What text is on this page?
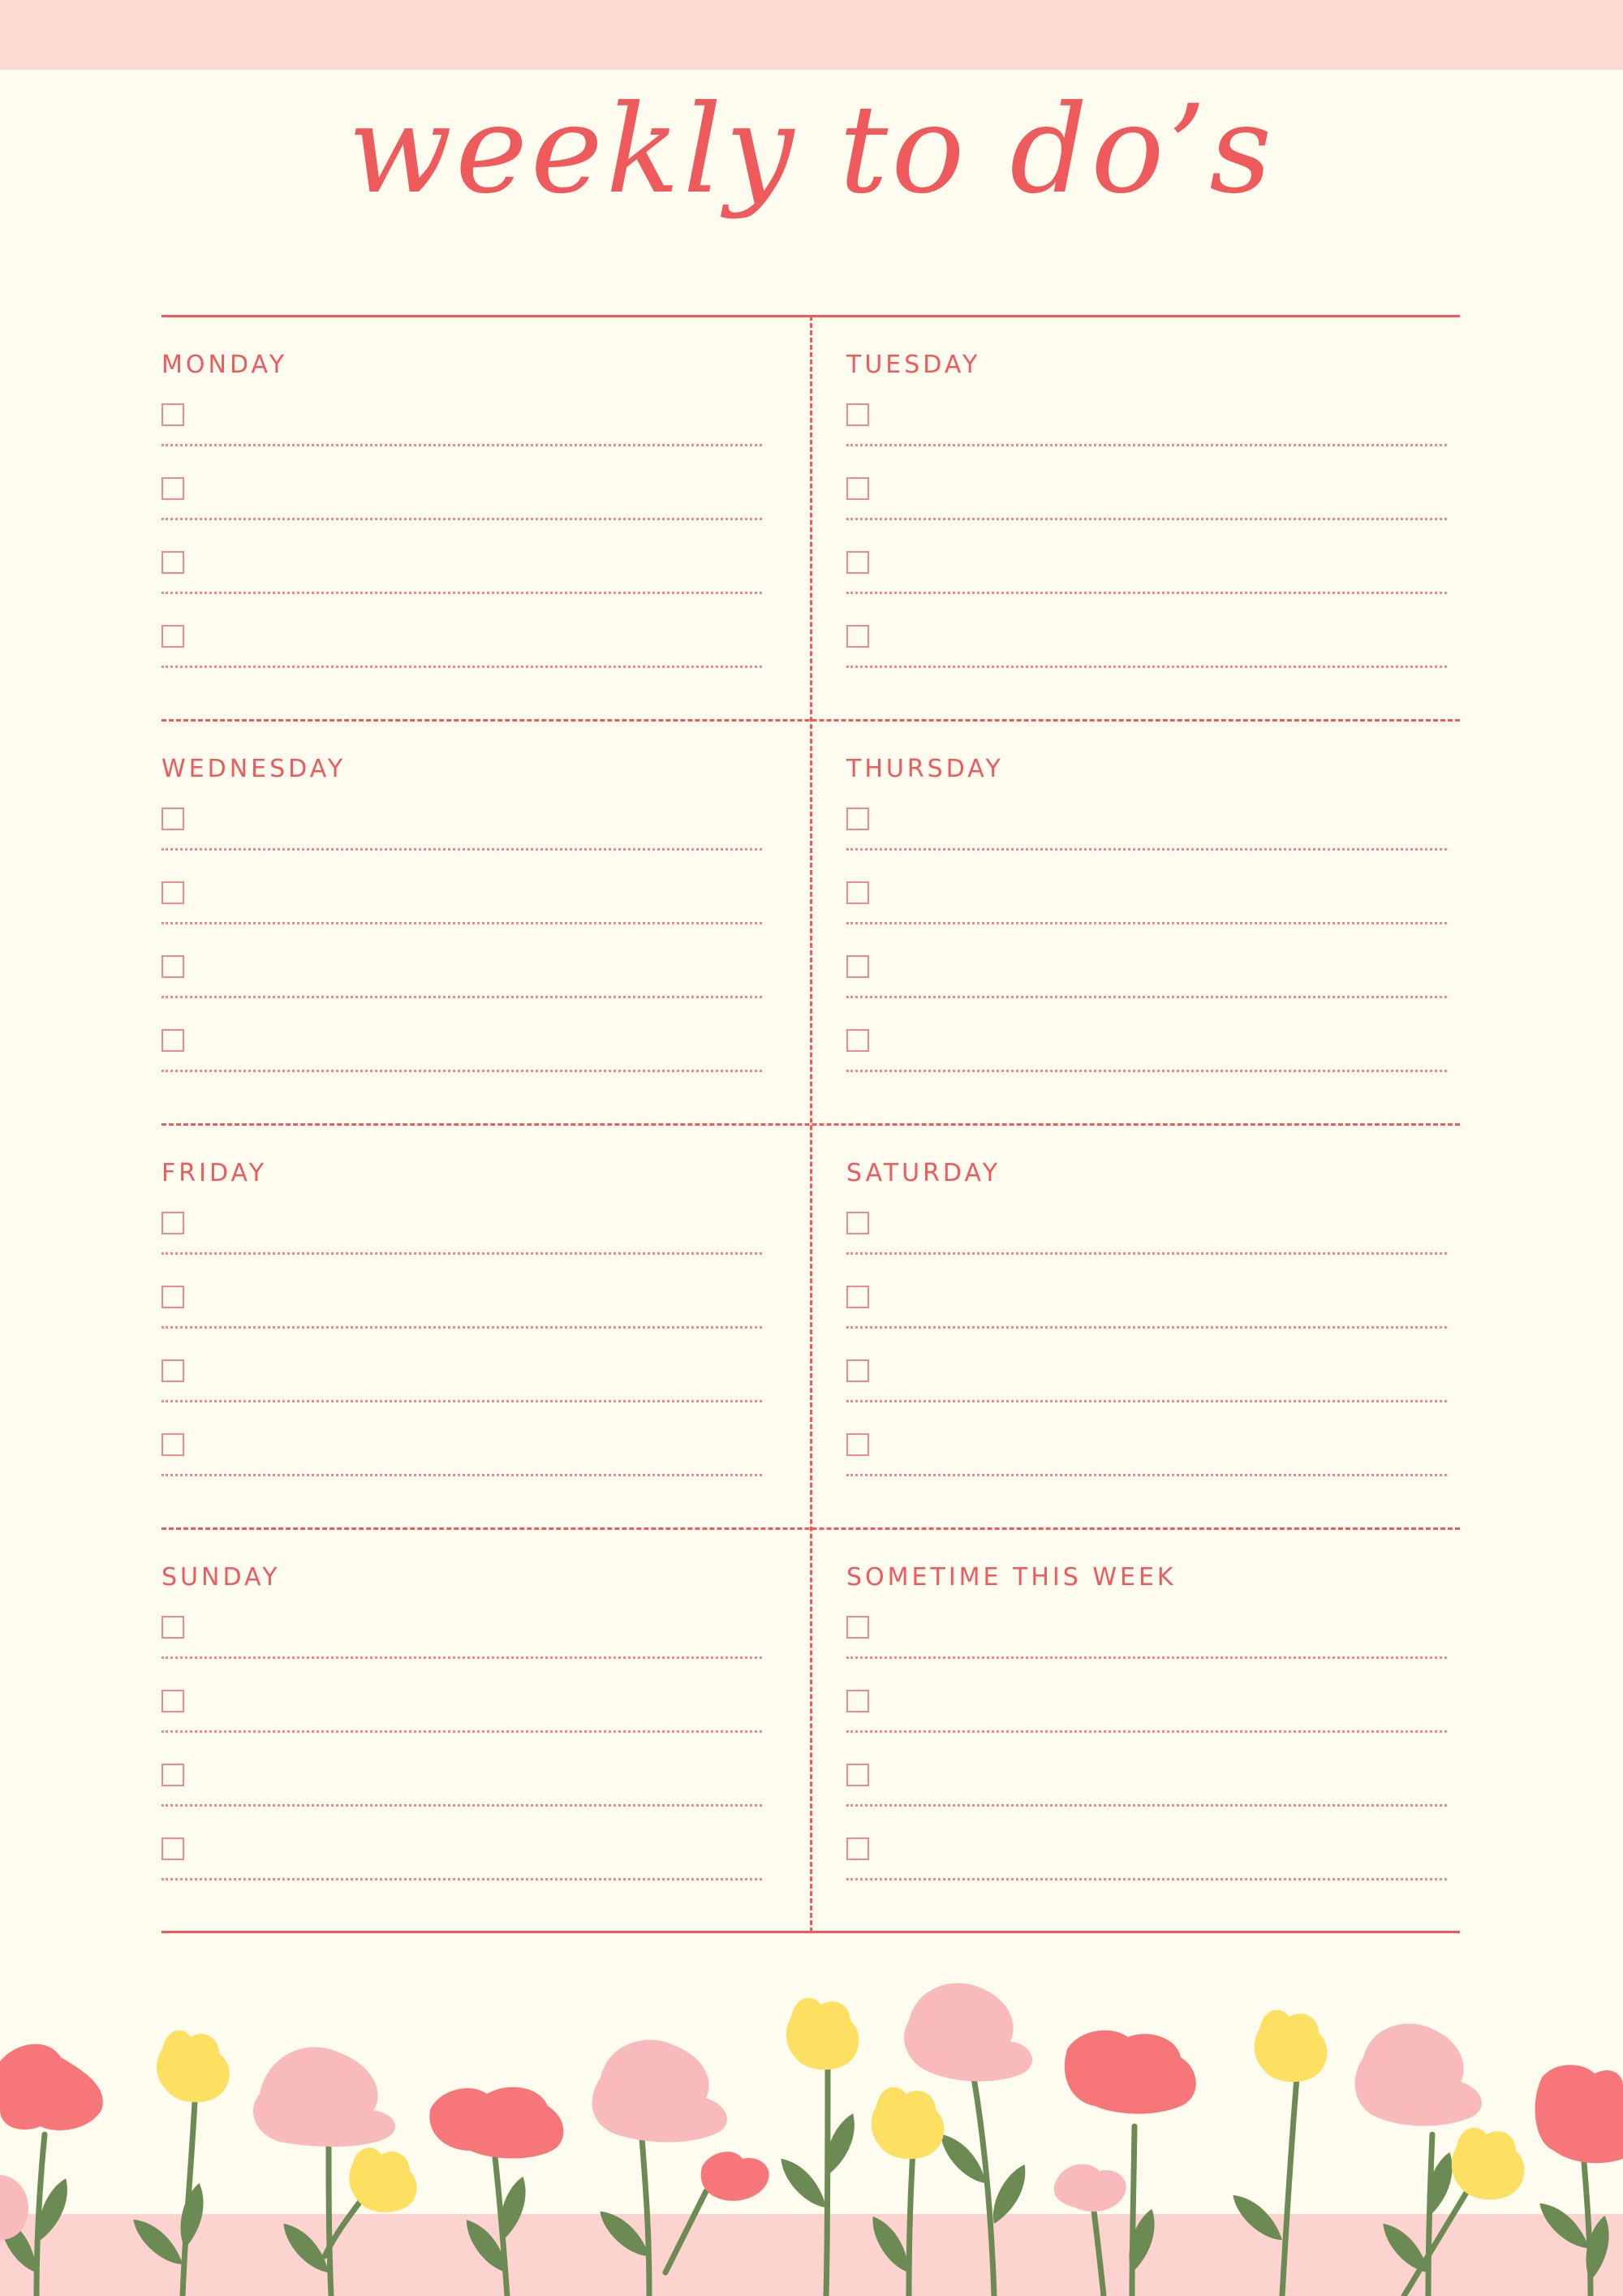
weekly to do’s
MONDAY	TUESDAY
WEDNESDAY	THURSDAY
FRIDAY	SATURDAY
SUNDAY	SOMETIME THIS WEEK
